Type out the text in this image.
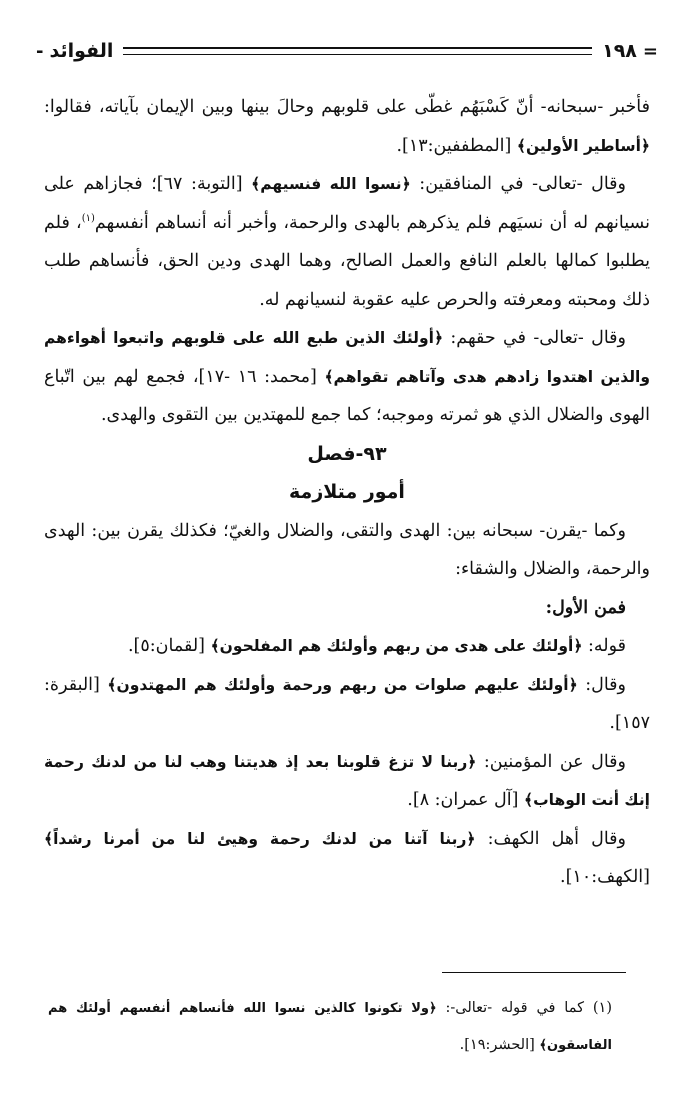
- الفوائد	١٩٨ =

فأخبر -سبحانه- أنّ كَسْبَهُم غطّى على قلوبهم وحالَ بينها وبين الإيمان بآياته، فقالوا: ﴿أساطير الأولين﴾ [المطففين:١٣].

وقال -تعالى- في المنافقين: ﴿نسوا الله فنسيهم﴾ [التوبة: ٦٧]؛ فجازاهم على نسيانهم له أن نسيَهم فلم يذكرهم بالهدى والرحمة، وأخبر أنه أنساهم أنفسهم$^{(١)}$، فلم يطلبوا كمالها بالعلم النافع والعمل الصالح، وهما الهدى ودين الحق، فأنساهم طلب ذلك ومحبته ومعرفته والحرص عليه عقوبة لنسيانهم له.

وقال -تعالى- في حقهم: ﴿أولئك الذين طبع الله على قلوبهم واتبعوا أهواءهم والذين اهتدوا زادهم هدى وآتاهم تقواهم﴾ [محمد: ١٦ -١٧]، فجمع لهم بين اتّباع الهوى والضلال الذي هو ثمرته وموجبه؛ كما جمع للمهتدين بين التقوى والهدى.

٩٣-فصل

أمور متلازمة

وكما -يقرن- سبحانه بين: الهدى والتقى، والضلال والغيّ؛ فكذلك يقرن بين: الهدى والرحمة، والضلال والشقاء:

فمن الأول:

قوله: ﴿أولئك على هدى من ربهم وأولئك هم المفلحون﴾ [لقمان:٥].

وقال: ﴿أولئك عليهم صلوات من ربهم ورحمة وأولئك هم المهتدون﴾ [البقرة: ١٥٧].

وقال عن المؤمنين: ﴿ربنا لا تزغ قلوبنا بعد إذ هديتنا وهب لنا من لدنك رحمة إنك أنت الوهاب﴾ [آل عمران: ٨].

وقال أهل الكهف: ﴿ربنا آتنا من لدنك رحمة وهيئ لنا من أمرنا رشداً﴾ [الكهف:١٠].

(١) كما في قوله -تعالى-: ﴿ولا تكونوا كالذين نسوا الله فأنساهم أنفسهم أولئك هم الفاسقون﴾ [الحشر:١٩].
